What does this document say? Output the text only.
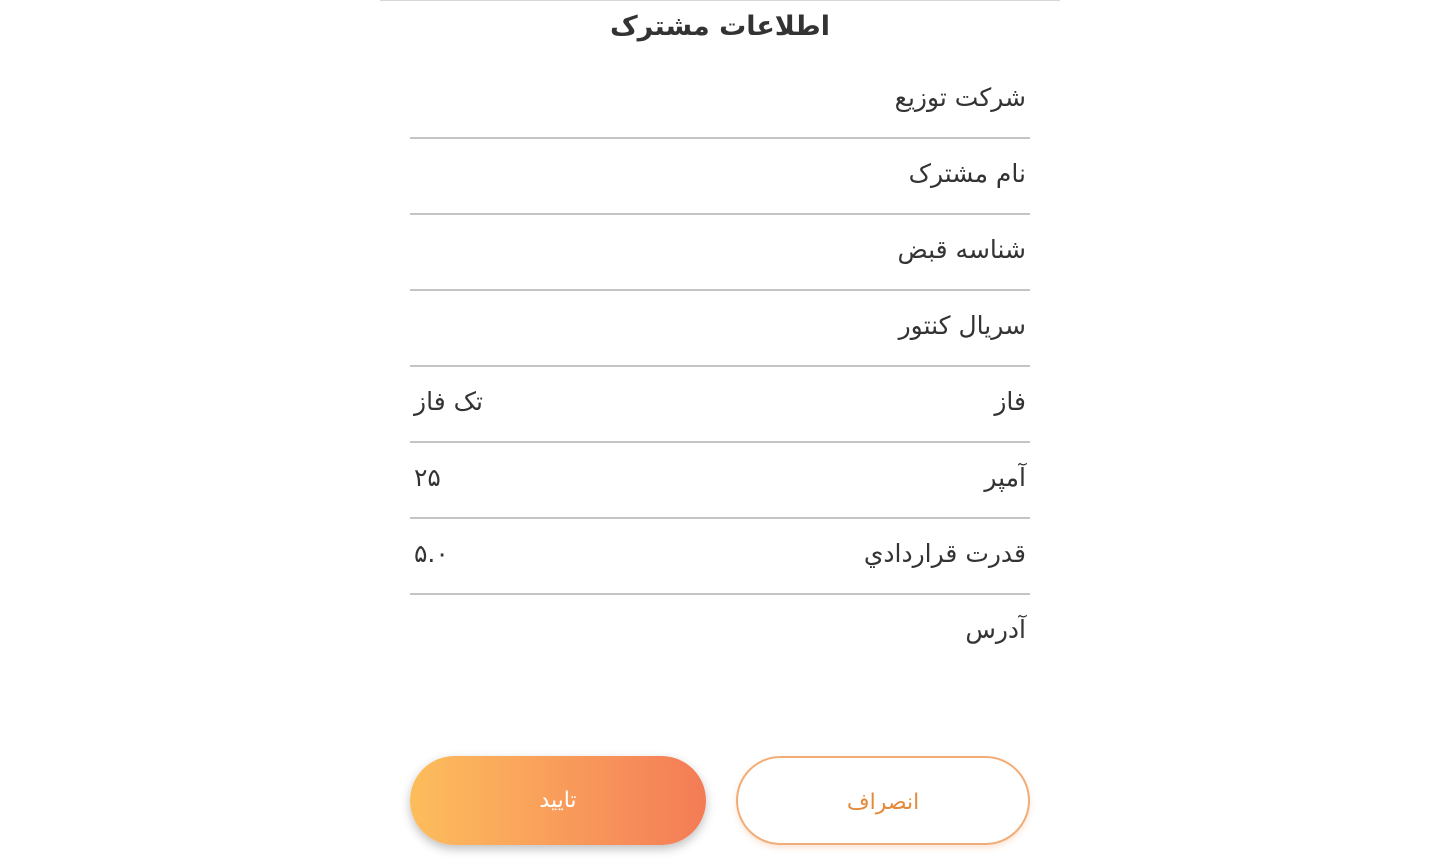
اطلاعات مشترک
شرکت توزیع
نام مشترک
شناسه قبض
سریال کنتور
فاز
تک فاز
آمپر
۲۵
قدرت قراردادي
۵.۰
آدرس
تایید	انصراف
